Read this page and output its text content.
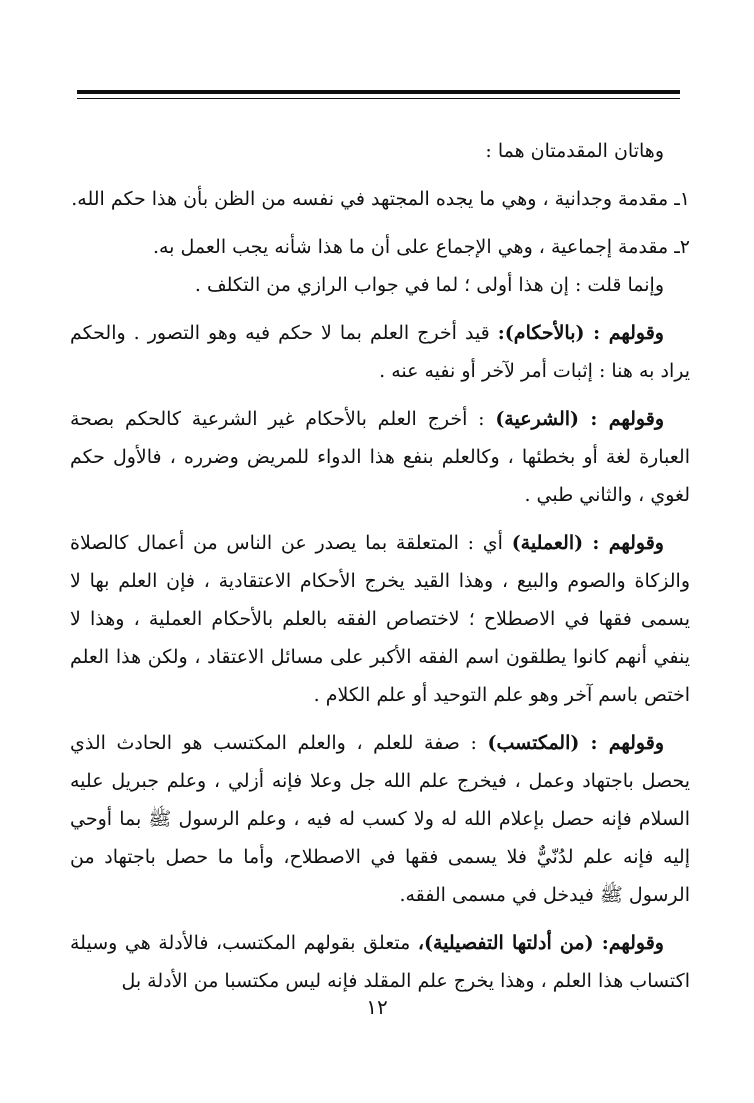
وهاتان المقدمتان هما :

١ـ مقدمة وجدانية ، وهي ما يجده المجتهد في نفسه من الظن بأن هذا حكم الله.

٢ـ مقدمة إجماعية ، وهي الإجماع على أن ما هذا شأنه يجب العمل به.

وإنما قلت : إن هذا أولى ؛ لما في جواب الرازي من التكلف .

وقولهم : (بالأحكام): قيد أخرج العلم بما لا حكم فيه وهو التصور . والحكم يراد به هنا : إثبات أمر لآخر أو نفيه عنه .

وقولهم : (الشرعية) : أخرج العلم بالأحكام غير الشرعية كالحكم بصحة العبارة لغة أو بخطئها ، وكالعلم بنفع هذا الدواء للمريض وضرره ، فالأول حكم لغوي ، والثاني طبي .

وقولهم : (العملية) أي : المتعلقة بما يصدر عن الناس من أعمال كالصلاة والزكاة والصوم والبيع ، وهذا القيد يخرج الأحكام الاعتقادية ، فإن العلم بها لا يسمى فقها في الاصطلاح ؛ لاختصاص الفقه بالعلم بالأحكام العملية ، وهذا لا ينفي أنهم كانوا يطلقون اسم الفقه الأكبر على مسائل الاعتقاد ، ولكن هذا العلم اختص باسم آخر وهو علم التوحيد أو علم الكلام .

وقولهم : (المكتسب) : صفة للعلم ، والعلم المكتسب هو الحادث الذي يحصل باجتهاد وعمل ، فيخرج علم الله جل وعلا فإنه أزلي ، وعلم جبريل عليه السلام فإنه حصل بإعلام الله له ولا كسب له فيه ، وعلم الرسول ﷺ بما أوحي إليه فإنه علم لدُنّيٌّ فلا يسمى فقها في الاصطلاح، وأما ما حصل باجتهاد من الرسول ﷺ فيدخل في مسمى الفقه.

وقولهم: (من أدلتها التفصيلية)، متعلق بقولهم المكتسب، فالأدلة هي وسيلة اكتساب هذا العلم ، وهذا يخرج علم المقلد فإنه ليس مكتسبا من الأدلة بل

١٢
